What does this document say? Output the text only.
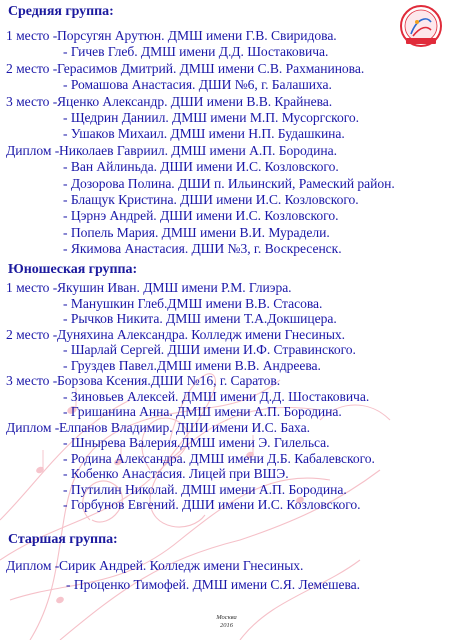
Средняя группа:
1 место - Порсугян Арутюн. ДМШ имени Г.В. Свиридова.
- Гичев Глеб. ДМШ имени Д.Д. Шостаковича.
2 место - Герасимов Дмитрий. ДМШ имени С.В. Рахманинова.
- Ромашова Анастасия. ДШИ №6, г. Балашиха.
3 место - Яценко Александр. ДШИ имени В.В. Крайнева.
- Щедрин Даниил. ДМШ имени М.П. Мусоргского.
- Ушаков Михаил. ДМШ имени Н.П. Будашкина.
Диплом - Николаев Гавриил. ДМШ имени А.П. Бородина.
- Ван Айлиньда. ДШИ имени И.С. Козловского.
- Дозорова Полина. ДШИ п. Ильинский, Рамеский район.
- Блащук Кристина. ДШИ имени И.С. Козловского.
- Цэрнэ Андрей. ДШИ имени И.С. Козловского.
- Попель Мария. ДМШ имени В.И. Мурадели.
- Якимова Анастасия. ДШИ №3, г. Воскресенск.
Юношеская группа:
1 место - Якушин Иван. ДМШ имени Р.М. Глиэра.
- Манушкин Глеб.ДМШ имени В.В. Стасова.
- Рычков Никита. ДМШ имени Т.А.Докшицера.
2 место - Дуняхина Александра. Колледж имени Гнесиных.
- Шарлай Сергей. ДШИ имени И.Ф. Стравинского.
- Груздев Павел.ДМШ имени В.В. Андреева.
3 место - Борзова Ксения.ДШИ №16, г. Саратов.
- Зиновьев Алексей. ДМШ имени Д.Д. Шостаковича.
- Гришанина Анна. ДМШ имени А.П. Бородина.
Диплом - Елпанов Владимир. ДШИ имени И.С. Баха.
- Шнырева Валерия.ДМШ имени Э. Гилельса.
- Родина Александра. ДМШ имени Д.Б. Кабалевского.
- Кобенко Анастасия. Лицей при ВШЭ.
- Путилин Николай. ДМШ имени А.П. Бородина.
- Горбунов Евгений. ДШИ имени И.С. Козловского.
Старшая группа:
Диплом - Сирик Андрей. Колледж имени Гнесиных.
- Проценко Тимофей. ДМШ имени С.Я. Лемешева.
Москва
2016
